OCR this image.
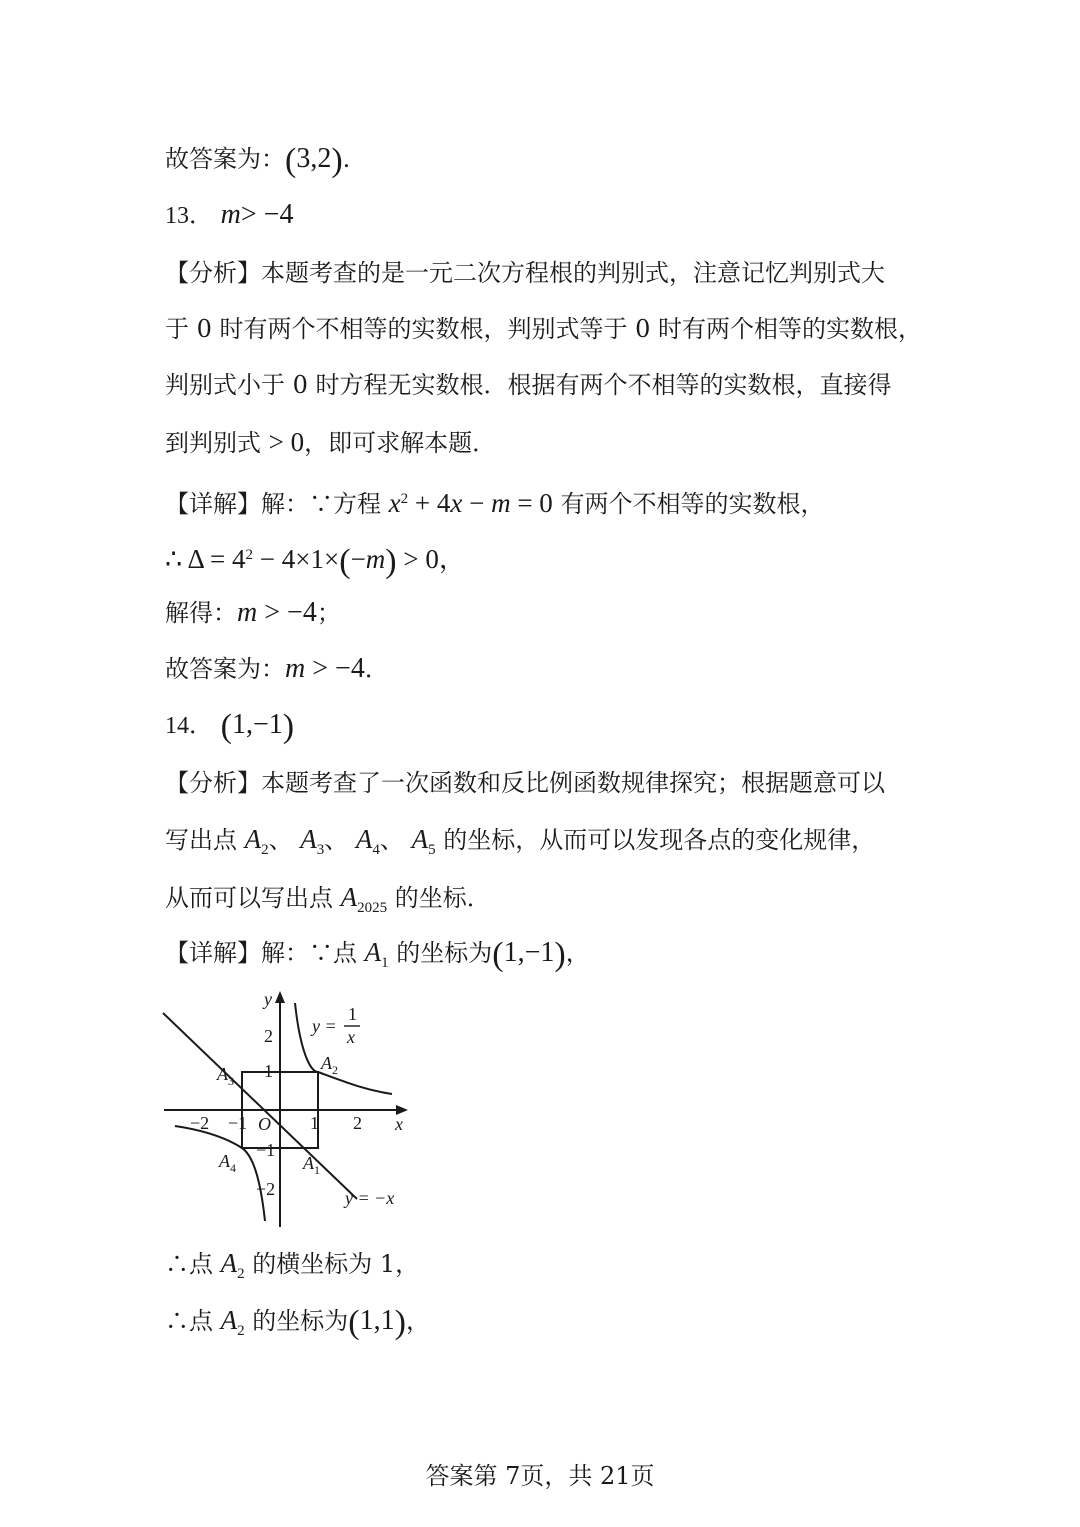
故答案为：(3,2).
13． m> −4
【分析】本题考查的是一元二次方程根的判别式，注意记忆判别式大
于 0 时有两个不相等的实数根，判别式等于 0 时有两个相等的实数根，
判别式小于 0 时方程无实数根．根据有两个不相等的实数根，直接得
到判别式 > 0，即可求解本题．
【详解】解：∵方程 $x^2 + 4x - m = 0$ 有两个不相等的实数根，
∴ $\Delta = 4^2 - 4\times 1\times(-m) > 0$，
解得：m > −4；
故答案为：m > −4．
14． (1,−1)
【分析】本题考查了一次函数和反比例函数规律探究；根据题意可以
写出点 $A_2$、 $A_3$、 $A_4$、 $A_5$ 的坐标，从而可以发现各点的变化规律，
从而可以写出点 $A_{2025}$ 的坐标．
【详解】解：∵点 $A_1$ 的坐标为(1,−1)，
y
x
O
−2 −1	1 2
2
1
−1
−2
y =
1
x
y = −x
$A_2$
$A_3$
$A_4$	$A_1$
∴点 $A_2$ 的横坐标为 1，
∴点 $A_2$ 的坐标为(1,1)，
答案第 7页，共 21页
